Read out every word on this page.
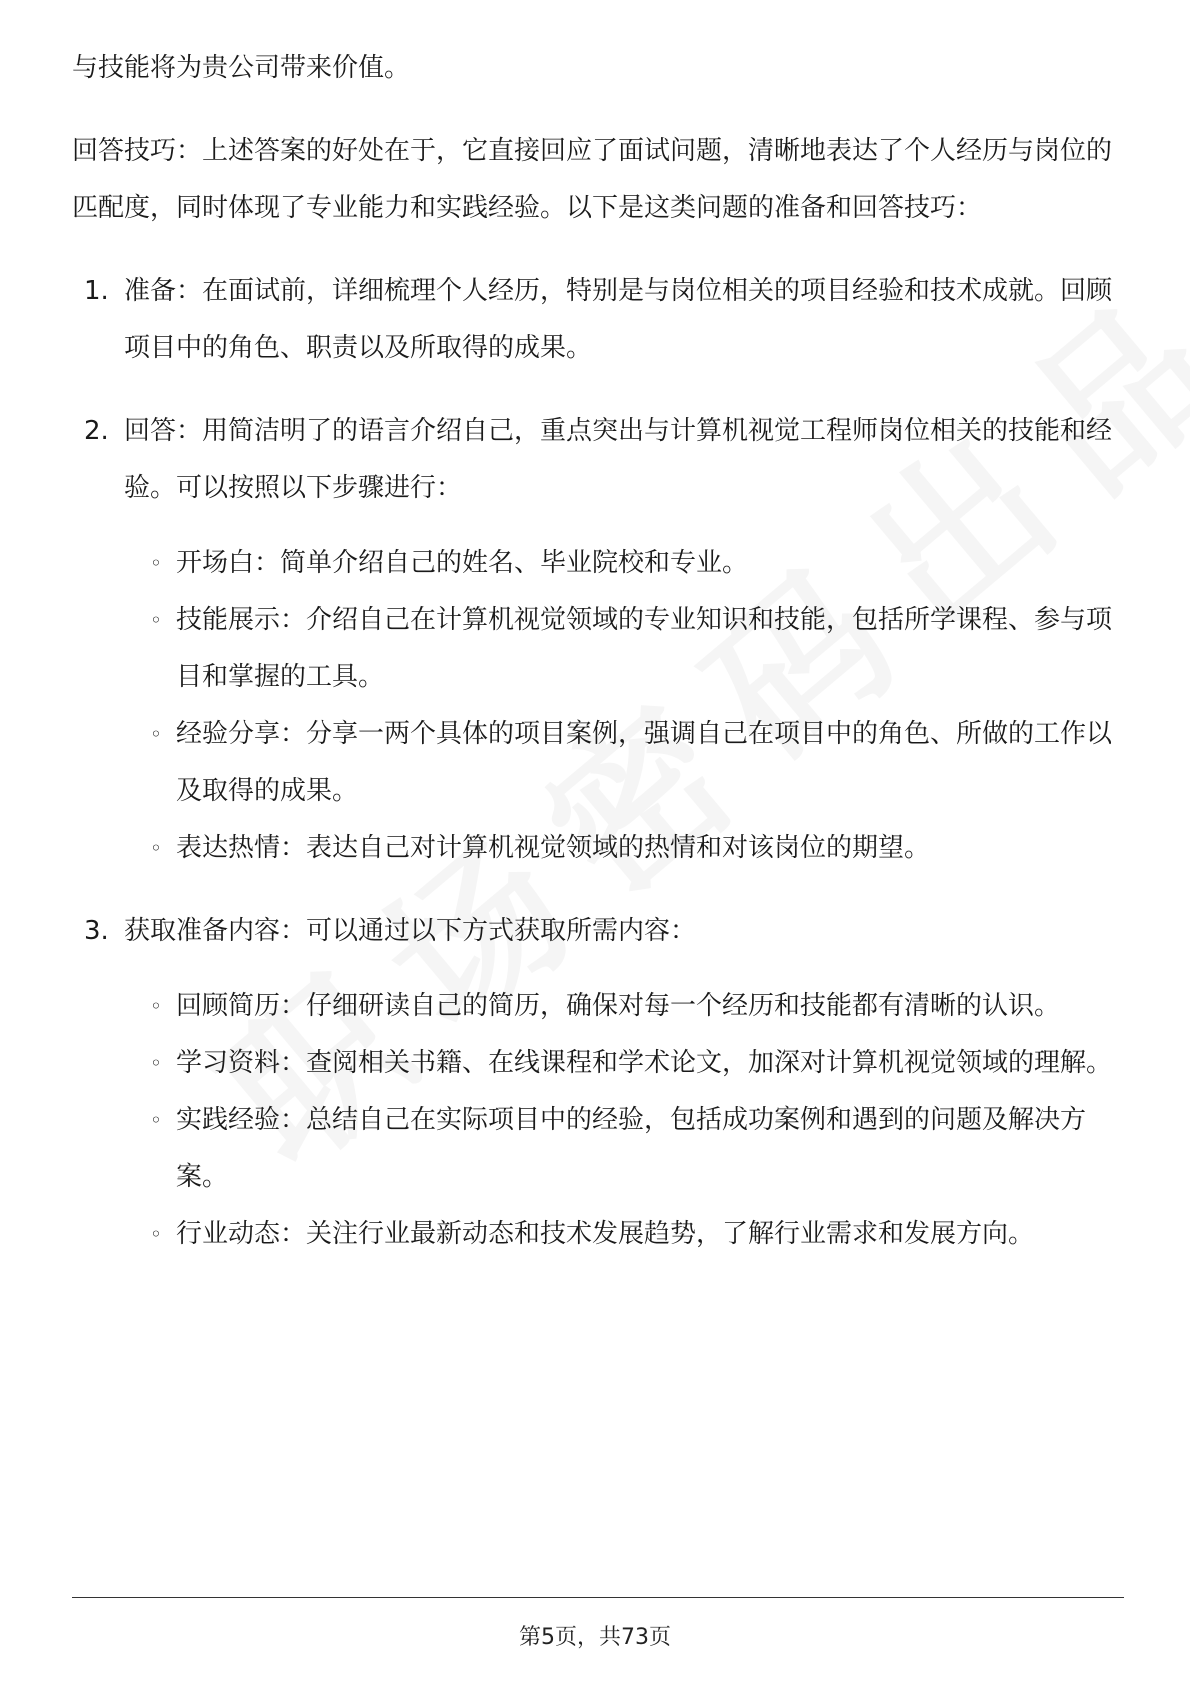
与技能将为贵公司带来价值。

回答技巧：上述答案的好处在于，它直接回应了面试问题，清晰地表达了个人经历与岗位的匹配度，同时体现了专业能力和实践经验。以下是这类问题的准备和回答技巧：

1. 准备：在面试前，详细梳理个人经历，特别是与岗位相关的项目经验和技术成就。回顾项目中的角色、职责以及所取得的成果。
2. 回答：用简洁明了的语言介绍自己，重点突出与计算机视觉工程师岗位相关的技能和经验。可以按照以下步骤进行：
◦ 开场白：简单介绍自己的姓名、毕业院校和专业。
◦ 技能展示：介绍自己在计算机视觉领域的专业知识和技能，包括所学课程、参与项目和掌握的工具。
◦ 经验分享：分享一两个具体的项目案例，强调自己在项目中的角色、所做的工作以及取得的成果。
◦ 表达热情：表达自己对计算机视觉领域的热情和对该岗位的期望。
3. 获取准备内容：可以通过以下方式获取所需内容：
◦ 回顾简历：仔细研读自己的简历，确保对每一个经历和技能都有清晰的认识。
◦ 学习资料：查阅相关书籍、在线课程和学术论文，加深对计算机视觉领域的理解。
◦ 实践经验：总结自己在实际项目中的经验，包括成功案例和遇到的问题及解决方案。
◦ 行业动态：关注行业最新动态和技术发展趋势，了解行业需求和发展方向。
第5页，共73页
